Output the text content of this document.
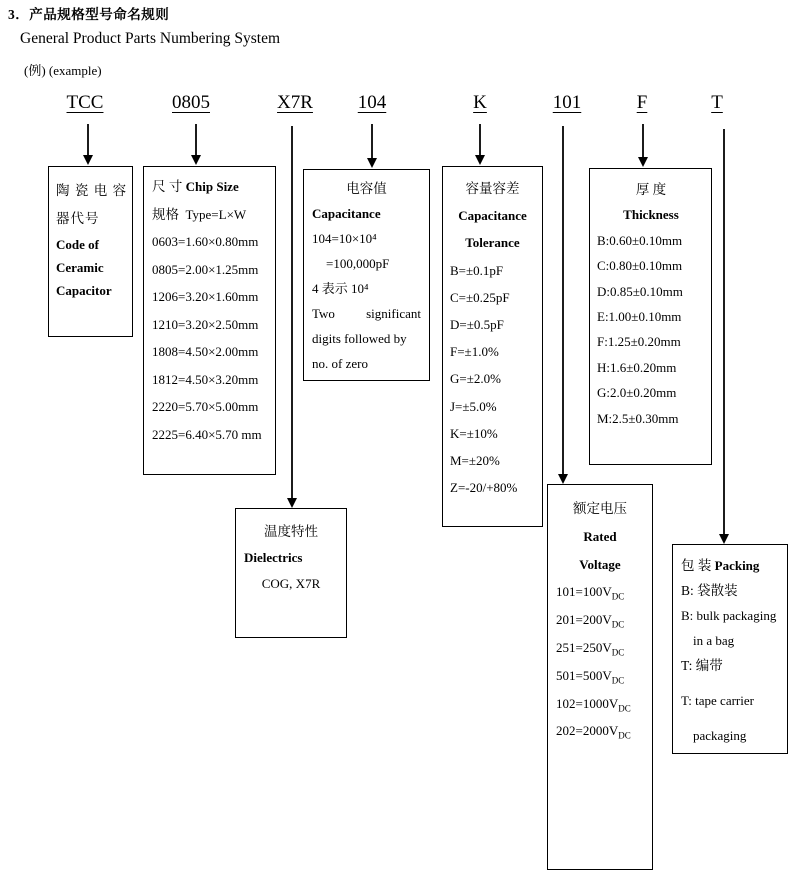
3．产品规格型号命名规则
General Product Parts Numbering System
(例) (example)
TCC	0805	X7R 104	K	101	F	T
陶 瓷 电 容
器代号
Code of
Ceramic
Capacitor
尺 寸 Chip Size
规格 Type=L×W
0603=1.60×0.80mm
0805=2.00×1.25mm
1206=3.20×1.60mm
1210=3.20×2.50mm
1808=4.50×2.00mm
1812=4.50×3.20mm
2220=5.70×5.00mm
2225=6.40×5.70 mm
电容值
Capacitance
104=10×10⁴
=100,000pF
4 表示 10⁴
Two significant
digits followed by
no. of zero
容量容差
Capacitance
Tolerance
B=±0.1pF
C=±0.25pF
D=±0.5pF
F=±1.0%
G=±2.0%
J=±5.0%
K=±10%
M=±20%
Z=-20/+80%
厚 度
Thickness
B:0.60±0.10mm
C:0.80±0.10mm
D:0.85±0.10mm
E:1.00±0.10mm
F:1.25±0.20mm
H:1.6±0.20mm
G:2.0±0.20mm
M:2.5±0.30mm
温度特性
Dielectrics
COG, X7R
额定电压
Rated
Voltage
$101=100V_{DC}$
$201=200V_{DC}$
$251=250V_{DC}$
$501=500V_{DC}$
$102=1000V_{DC}$
$202=2000V_{DC}$
包 装 Packing
B: 袋散装
B: bulk packaging
in a bag
T: 编带
T: tape carrier
packaging
